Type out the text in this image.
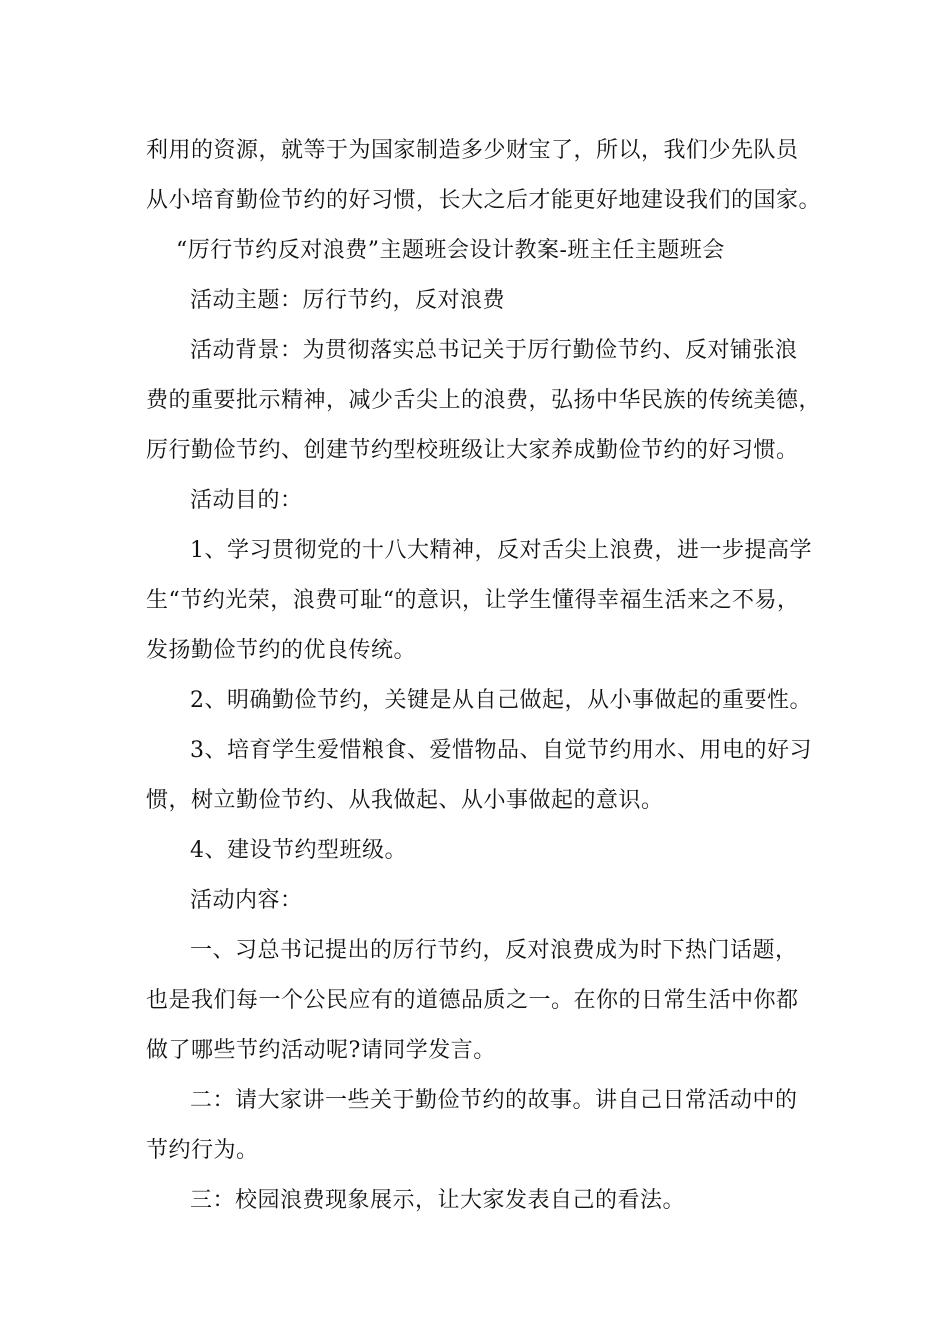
利用的资源，就等于为国家制造多少财宝了，所以，我们少先队员
从小培育勤俭节约的好习惯，长大之后才能更好地建设我们的国家。
“厉行节约反对浪费”主题班会设计教案-班主任主题班会
活动主题：厉行节约，反对浪费
活动背景：为贯彻落实总书记关于厉行勤俭节约、反对铺张浪
费的重要批示精神，减少舌尖上的浪费，弘扬中华民族的传统美德，
厉行勤俭节约、创建节约型校班级让大家养成勤俭节约的好习惯。
活动目的：
1、学习贯彻党的十八大精神，反对舌尖上浪费，进一步提高学
生“节约光荣，浪费可耻“的意识，让学生懂得幸福生活来之不易，
发扬勤俭节约的优良传统。
2、明确勤俭节约，关键是从自己做起，从小事做起的重要性。
3、培育学生爱惜粮食、爱惜物品、自觉节约用水、用电的好习
惯，树立勤俭节约、从我做起、从小事做起的意识。
4、建设节约型班级。
活动内容：
一、习总书记提出的厉行节约，反对浪费成为时下热门话题，
也是我们每一个公民应有的道德品质之一。在你的日常生活中你都
做了哪些节约活动呢?请同学发言。
二：请大家讲一些关于勤俭节约的故事。讲自己日常活动中的
节约行为。
三：校园浪费现象展示，让大家发表自己的看法。
